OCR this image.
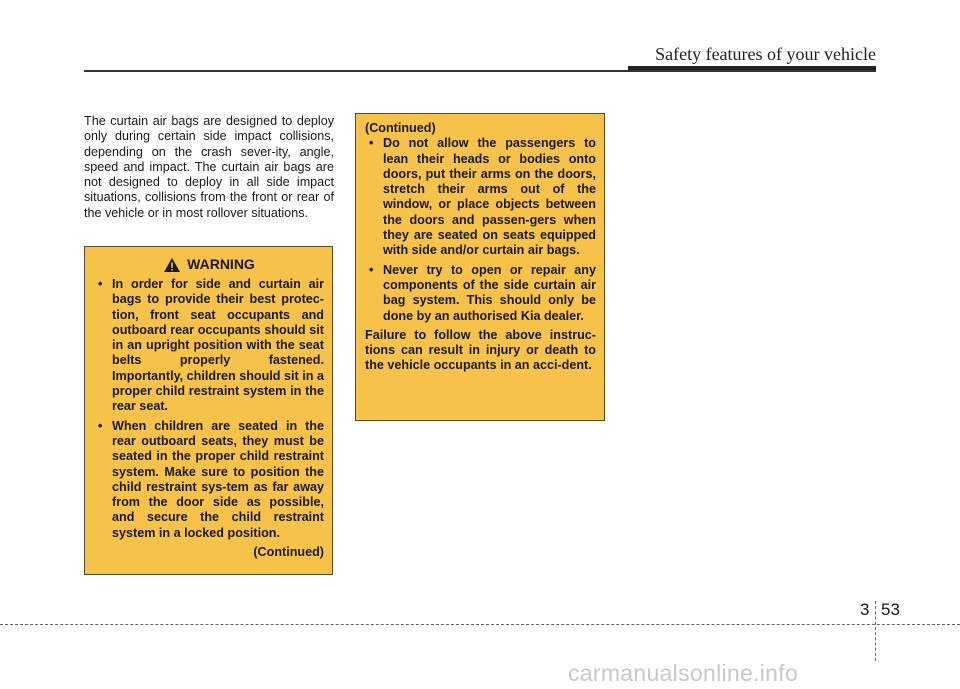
Safety features of your vehicle
The curtain air bags are designed to deploy only during certain side impact collisions, depending on the crash sever-ity, angle, speed and impact. The curtain air bags are not designed to deploy in all side impact situations, collisions from the front or rear of the vehicle or in most rollover situations.
WARNING
• In order for side and curtain air bags to provide their best protec-tion, front seat occupants and outboard rear occupants should sit in an upright position with the seat belts properly fastened. Importantly, children should sit in a proper child restraint system in the rear seat.
• When children are seated in the rear outboard seats, they must be seated in the proper child restraint system. Make sure to position the child restraint sys-tem as far away from the door side as possible, and secure the child restraint system in a locked position.
(Continued)
(Continued)
• Do not allow the passengers to lean their heads or bodies onto doors, put their arms on the doors, stretch their arms out of the window, or place objects between the doors and passen-gers when they are seated on seats equipped with side and/or curtain air bags.
• Never try to open or repair any components of the side curtain air bag system. This should only be done by an authorised Kia dealer.
Failure to follow the above instruc-tions can result in injury or death to the vehicle occupants in an acci-dent.
3 53
carmanualsonline.info
